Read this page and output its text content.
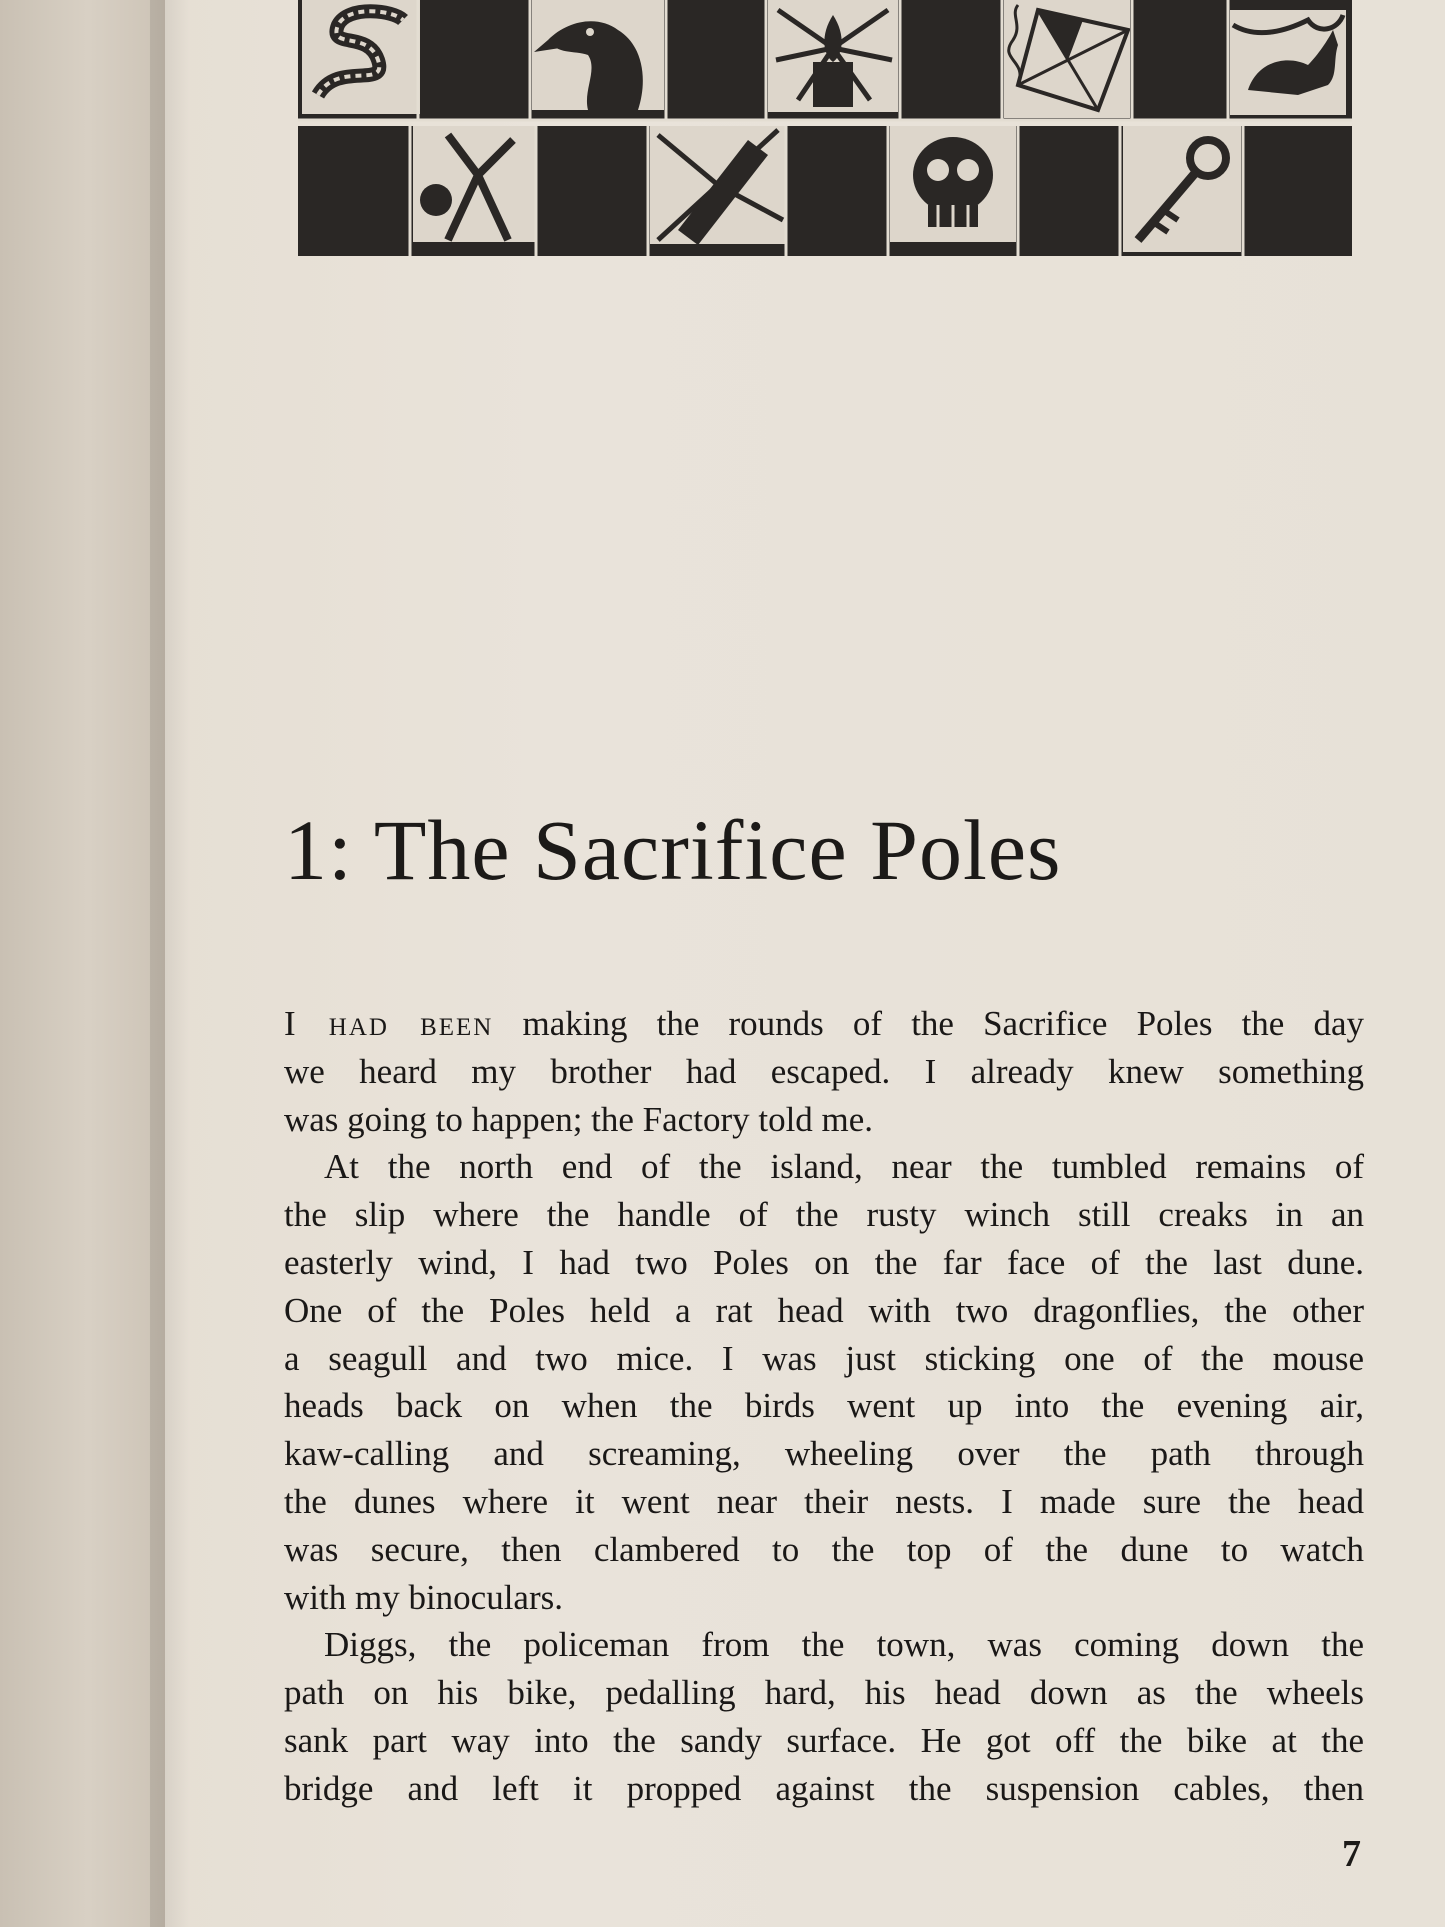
1: The Sacrifice Poles
I had been making the rounds of the Sacrifice Poles the day
we heard my brother had escaped. I already knew something
was going to happen; the Factory told me.
At the north end of the island, near the tumbled remains of
the slip where the handle of the rusty winch still creaks in an
easterly wind, I had two Poles on the far face of the last dune.
One of the Poles held a rat head with two dragonflies, the other
a seagull and two mice. I was just sticking one of the mouse
heads back on when the birds went up into the evening air,
kaw-calling and screaming, wheeling over the path through
the dunes where it went near their nests. I made sure the head
was secure, then clambered to the top of the dune to watch
with my binoculars.
Diggs, the policeman from the town, was coming down the
path on his bike, pedalling hard, his head down as the wheels
sank part way into the sandy surface. He got off the bike at the
bridge and left it propped against the suspension cables, then
7
